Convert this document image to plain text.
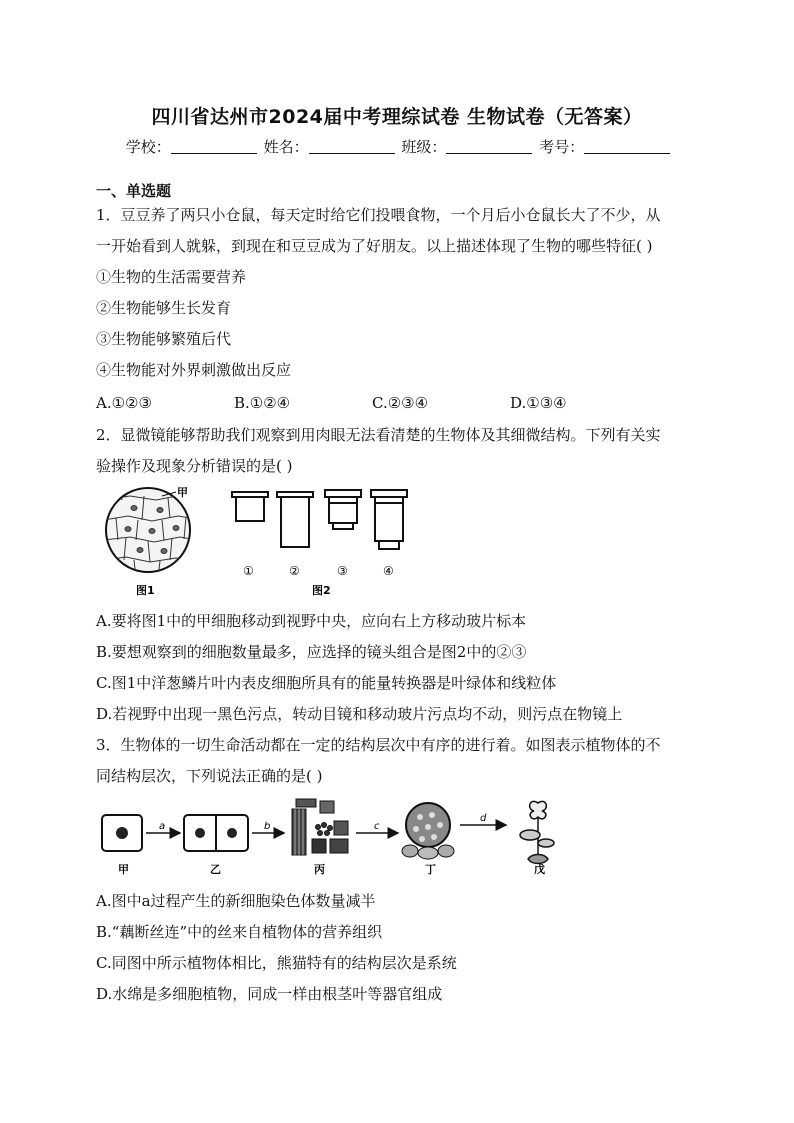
四川省达州市2024届中考理综试卷 生物试卷（无答案）
学校：	姓名：	班级：	考号：
一、单选题
1．豆豆养了两只小仓鼠，每天定时给它们投喂食物，一个月后小仓鼠长大了不少，从
一开始看到人就躲，到现在和豆豆成为了好朋友。以上描述体现了生物的哪些特征( )
①生物的生活需要营养
②生物能够生长发育
③生物能够繁殖后代
④生物能对外界刺激做出反应
A.①②③	B.①②④	C.②③④	D.①③④
2．显微镜能够帮助我们观察到用肉眼无法看清楚的生物体及其细微结构。下列有关实
验操作及现象分析错误的是( )
甲
图1
①	②	③	④
图2
A.要将图1中的甲细胞移动到视野中央，应向右上方移动玻片标本
B.要想观察到的细胞数量最多，应选择的镜头组合是图2中的②③
C.图1中洋葱鳞片叶内表皮细胞所具有的能量转换器是叶绿体和线粒体
D.若视野中出现一黑色污点，转动目镜和移动玻片污点均不动，则污点在物镜上
3．生物体的一切生命活动都在一定的结构层次中有序的进行着。如图表示植物体的不
同结构层次，下列说法正确的是( )
甲	乙	丙	丁	戊
a	b	c
d
A.图中a过程产生的新细胞染色体数量减半
B.“藕断丝连”中的丝来自植物体的营养组织
C.同图中所示植物体相比，熊猫特有的结构层次是系统
D.水绵是多细胞植物，同成一样由根茎叶等器官组成
